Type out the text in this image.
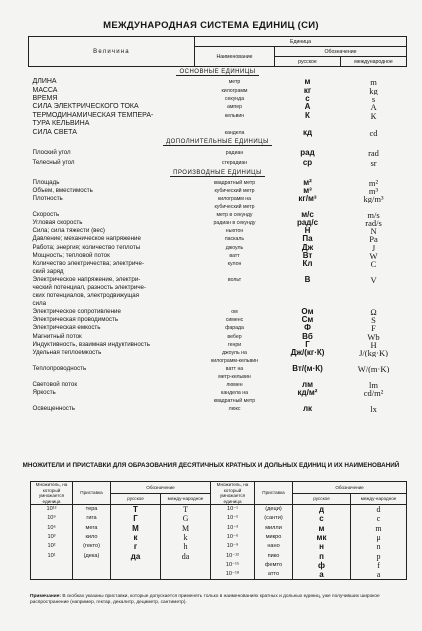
МЕЖДУНАРОДНАЯ СИСТЕМА ЕДИНИЦ (СИ)
Величина	Единица		
	Наименование	Обозначение	
		русское	международное
ОСНОВНЫЕ ЕДИНИЦЫ			
ДЛИНА	метр	м	m
МАССА	килограмм	кг	kg
ВРЕМЯ	секунда	с	s
СИЛА ЭЛЕКТРИЧЕСКОГО ТОКА	ампер	А	A
ТЕРМОДИНАМИЧЕСКАЯ ТЕМПЕРА-	кельвин	К	К
ТУРА КЕЛЬВИНА			
СИЛА СВЕТА	кандела	кд	cd
ДОПОЛНИТЕЛЬНЫЕ ЕДИНИЦЫ			
Плоский угол	радиан	рад	rad
Телесный угол	стерадиан	ср	sr
ПРОИЗВОДНЫЕ ЕДИНИЦЫ			
Площадь	квадратный метр	м²	m²
Объем, вместимость	кубический метр	м³	m³
Плотность	килограмм на	кг/м³	kg/m³
	кубический метр		
Скорость	метр в секунду	м/с	m/s
Угловая скорость	радиан в секунду	рад/с	rad/s
Сила; сила тяжести (вес)	ньютон	Н	N
Давление; механическое напряжение	паскаль	Па	Pa
Работа; энергия; количество теплоты	джоуль	Дж	J
Мощность; тепловой поток	ватт	Вт	W
Количество электричества; электриче-	кулон	Кл	C
ский заряд			
Электрическое напряжение, электри-	вольт	В	V
ческий потенциал, разность электриче-			
ских потенциалов, электродвижущая			
сила			
Электрическое сопротивление	ом	Ом	Ω
Электрическая проводимость	сименс	См	S
Электрическая емкость	фарада	Ф	F
Магнитный поток	вебер	Вб	Wb
Индуктивность, взаимная индуктивность	генри	Г	H
Удельная теплоемкость	джоуль на	Дж/(кг·К)	J/(kg·K)
	килограмм-кельвин		
Теплопроводность	ватт на	Вт/(м·К)	W/(m·K)
	метр-кельвин		
Световой поток	люмен	лм	lm
Яркость	кандела на	кд/м²	cd/m²
	квадратный метр		
Освещенность	люкс	лк	lx
МНОЖИТЕЛИ И ПРИСТАВКИ ДЛЯ ОБРАЗОВАНИЯ ДЕСЯТИЧНЫХ КРАТНЫХ И ДОЛЬНЫХ ЕДИНИЦ И ИХ НАИМЕНОВАНИЙ
Множитель, на который умножается единица	Приставка	Обозначение		Множитель, на который умножается единица	Приставка	Обозначение	
		русское	между-народное			русское	между-народное
10¹²	тера	Т	T	10⁻¹	(деци)	д	d
10⁹	гига	Г	G	10⁻²	(санти)	с	c
10⁶	мега	М	M	10⁻³	милли	м	m
10³	кило	к	k	10⁻⁶	микро	мк	μ
10²	(гекто)	г	h	10⁻⁹	нано	н	n
10¹	(дека)	да	da	10⁻¹²	пико	п	p
				10⁻¹⁵	фемто	ф	f
				10⁻¹⁸	атто	а	a
Примечание: В скобках указаны приставки, которые допускается применять только в наименованиях кратных и дольных единиц, уже получивших широкое распространение (например, гектар, декалитр, дециметр, сантиметр).
